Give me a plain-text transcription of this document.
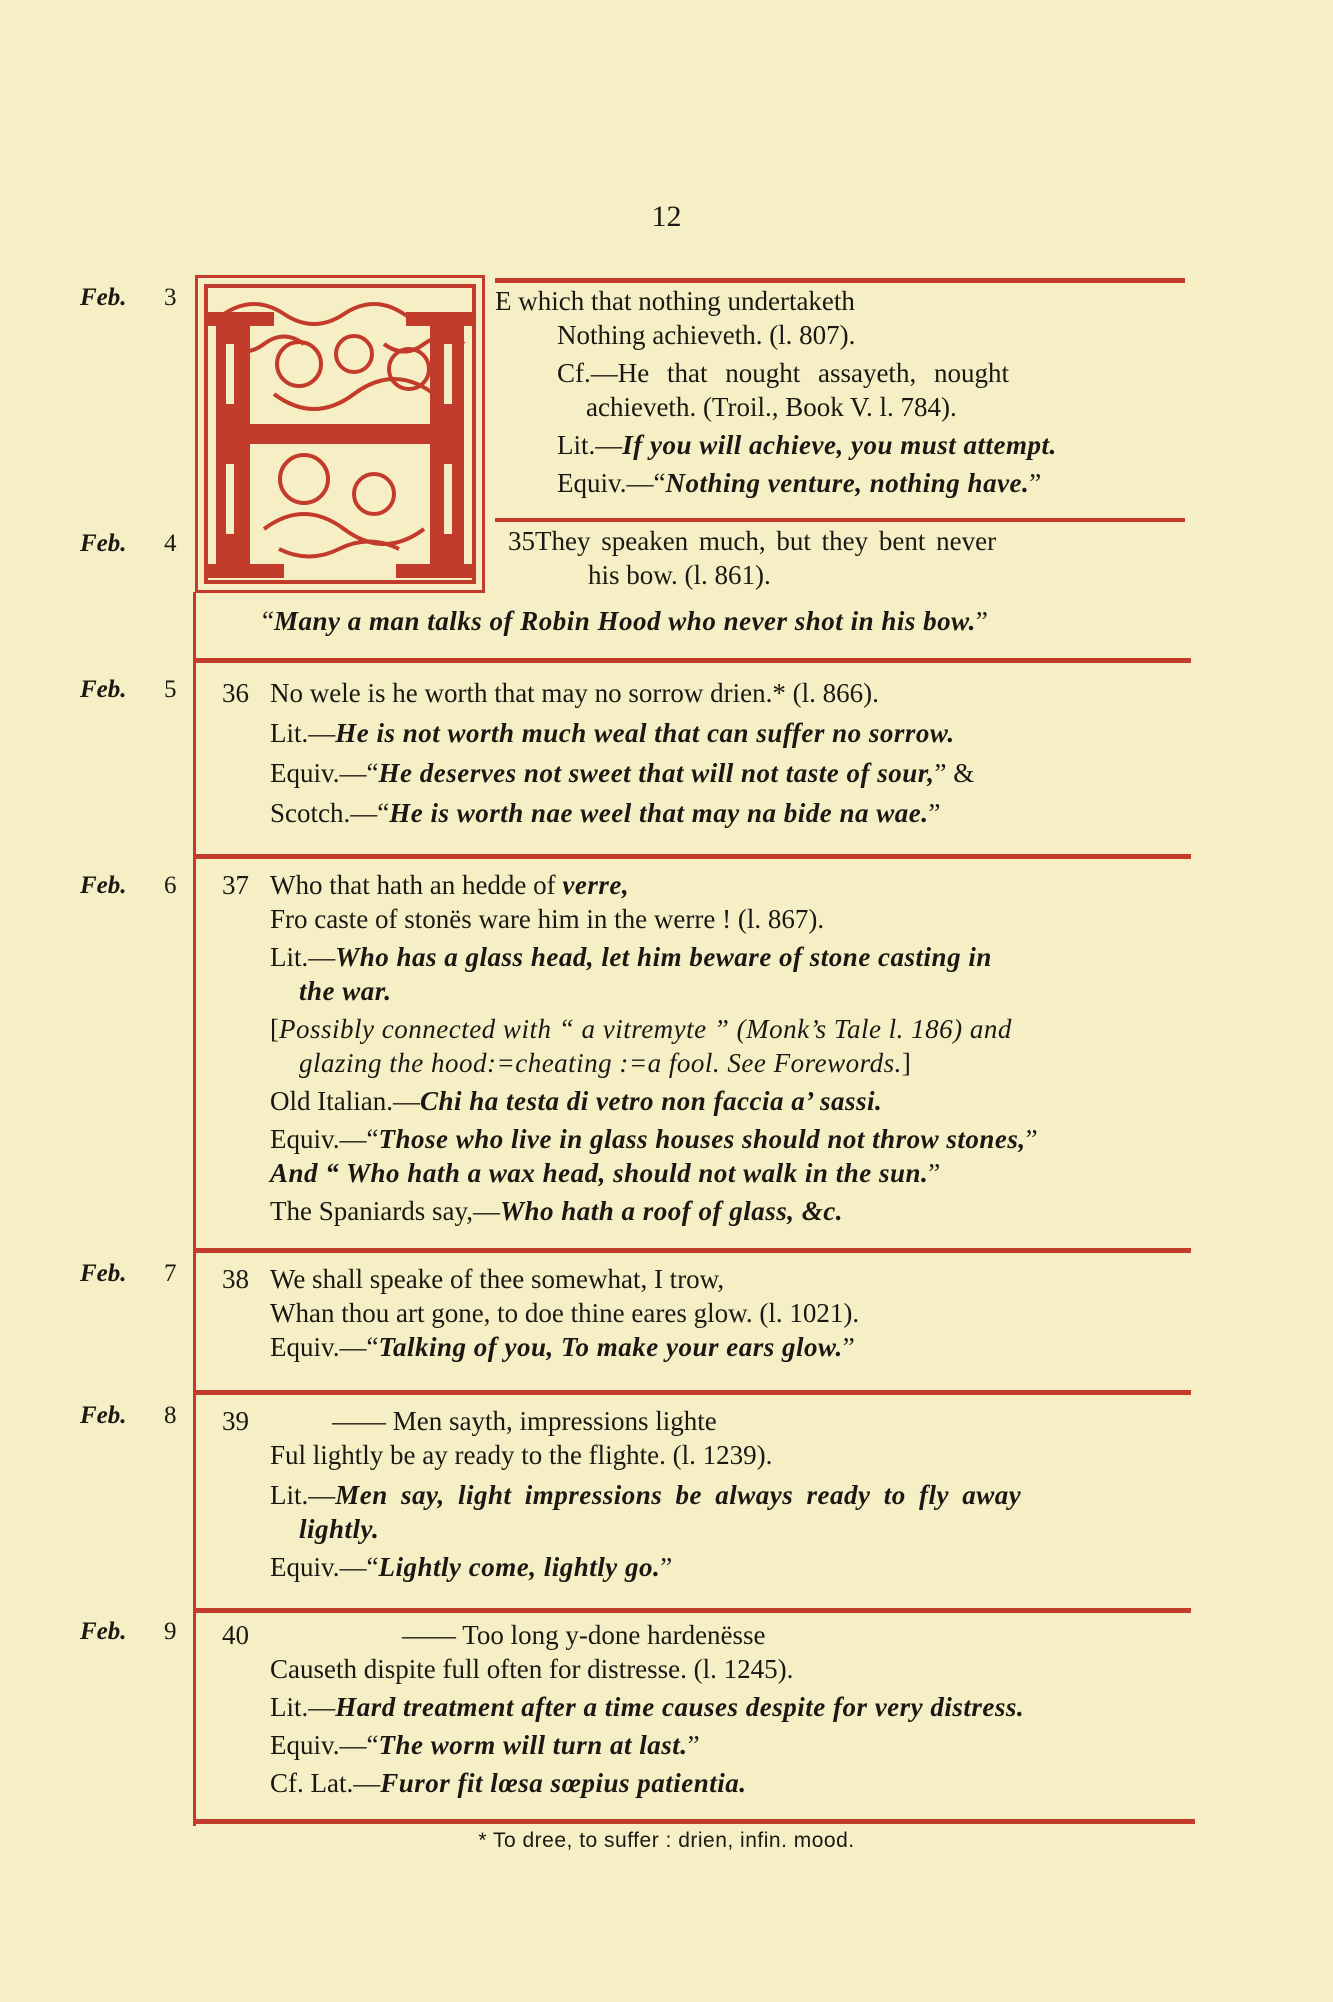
12
Feb. 3
Feb. 4
Feb. 5
Feb. 6
Feb. 7
Feb. 8
Feb. 9
H
E which that nothing undertaketh
Nothing achieveth. (l. 807).
Cf.—He that nought assayeth, nought
achieveth. (Troil., Book V. l. 784).
Lit.—If you will achieve, you must attempt.
Equiv.—“Nothing venture, nothing have.”
35They speaken much, but they bent never
his bow. (l. 861).
“Many a man talks of Robin Hood who never shot in his bow.”
36 No wele is he worth that may no sorrow drien.* (l. 866).
Lit.—He is not worth much weal that can suffer no sorrow.
Equiv.—“He deserves not sweet that will not taste of sour,” &
Scotch.—“He is worth nae weel that may na bide na wae.”
37 Who that hath an hedde of verre,
Fro caste of stonës ware him in the werre ! (l. 867).
Lit.—Who has a glass head, let him beware of stone casting in
the war.
[Possibly connected with “ a vitremyte ” (Monk’s Tale l. 186) and
glazing the hood:=cheating :=a fool. See Forewords.]
Old Italian.—Chi ha testa di vetro non faccia a’ sassi.
Equiv.—“Those who live in glass houses should not throw stones,”
And “ Who hath a wax head, should not walk in the sun.”
The Spaniards say,—Who hath a roof of glass, &c.
38 We shall speake of thee somewhat, I trow,
Whan thou art gone, to doe thine eares glow. (l. 1021).
Equiv.—“Talking of you, To make your ears glow.”
39	—— Men sayth, impressions lighte
Ful lightly be ay ready to the flighte. (l. 1239).
Lit.—Men say, light impressions be always ready to fly away
lightly.
Equiv.—“Lightly come, lightly go.”
40	—— Too long y-done hardenësse
Causeth dispite full often for distresse. (l. 1245).
Lit.—Hard treatment after a time causes despite for very distress.
Equiv.—“The worm will turn at last.”
Cf. Lat.—Furor fit lœsa sœpius patientia.
* To dree, to suffer : drien, infin. mood.
